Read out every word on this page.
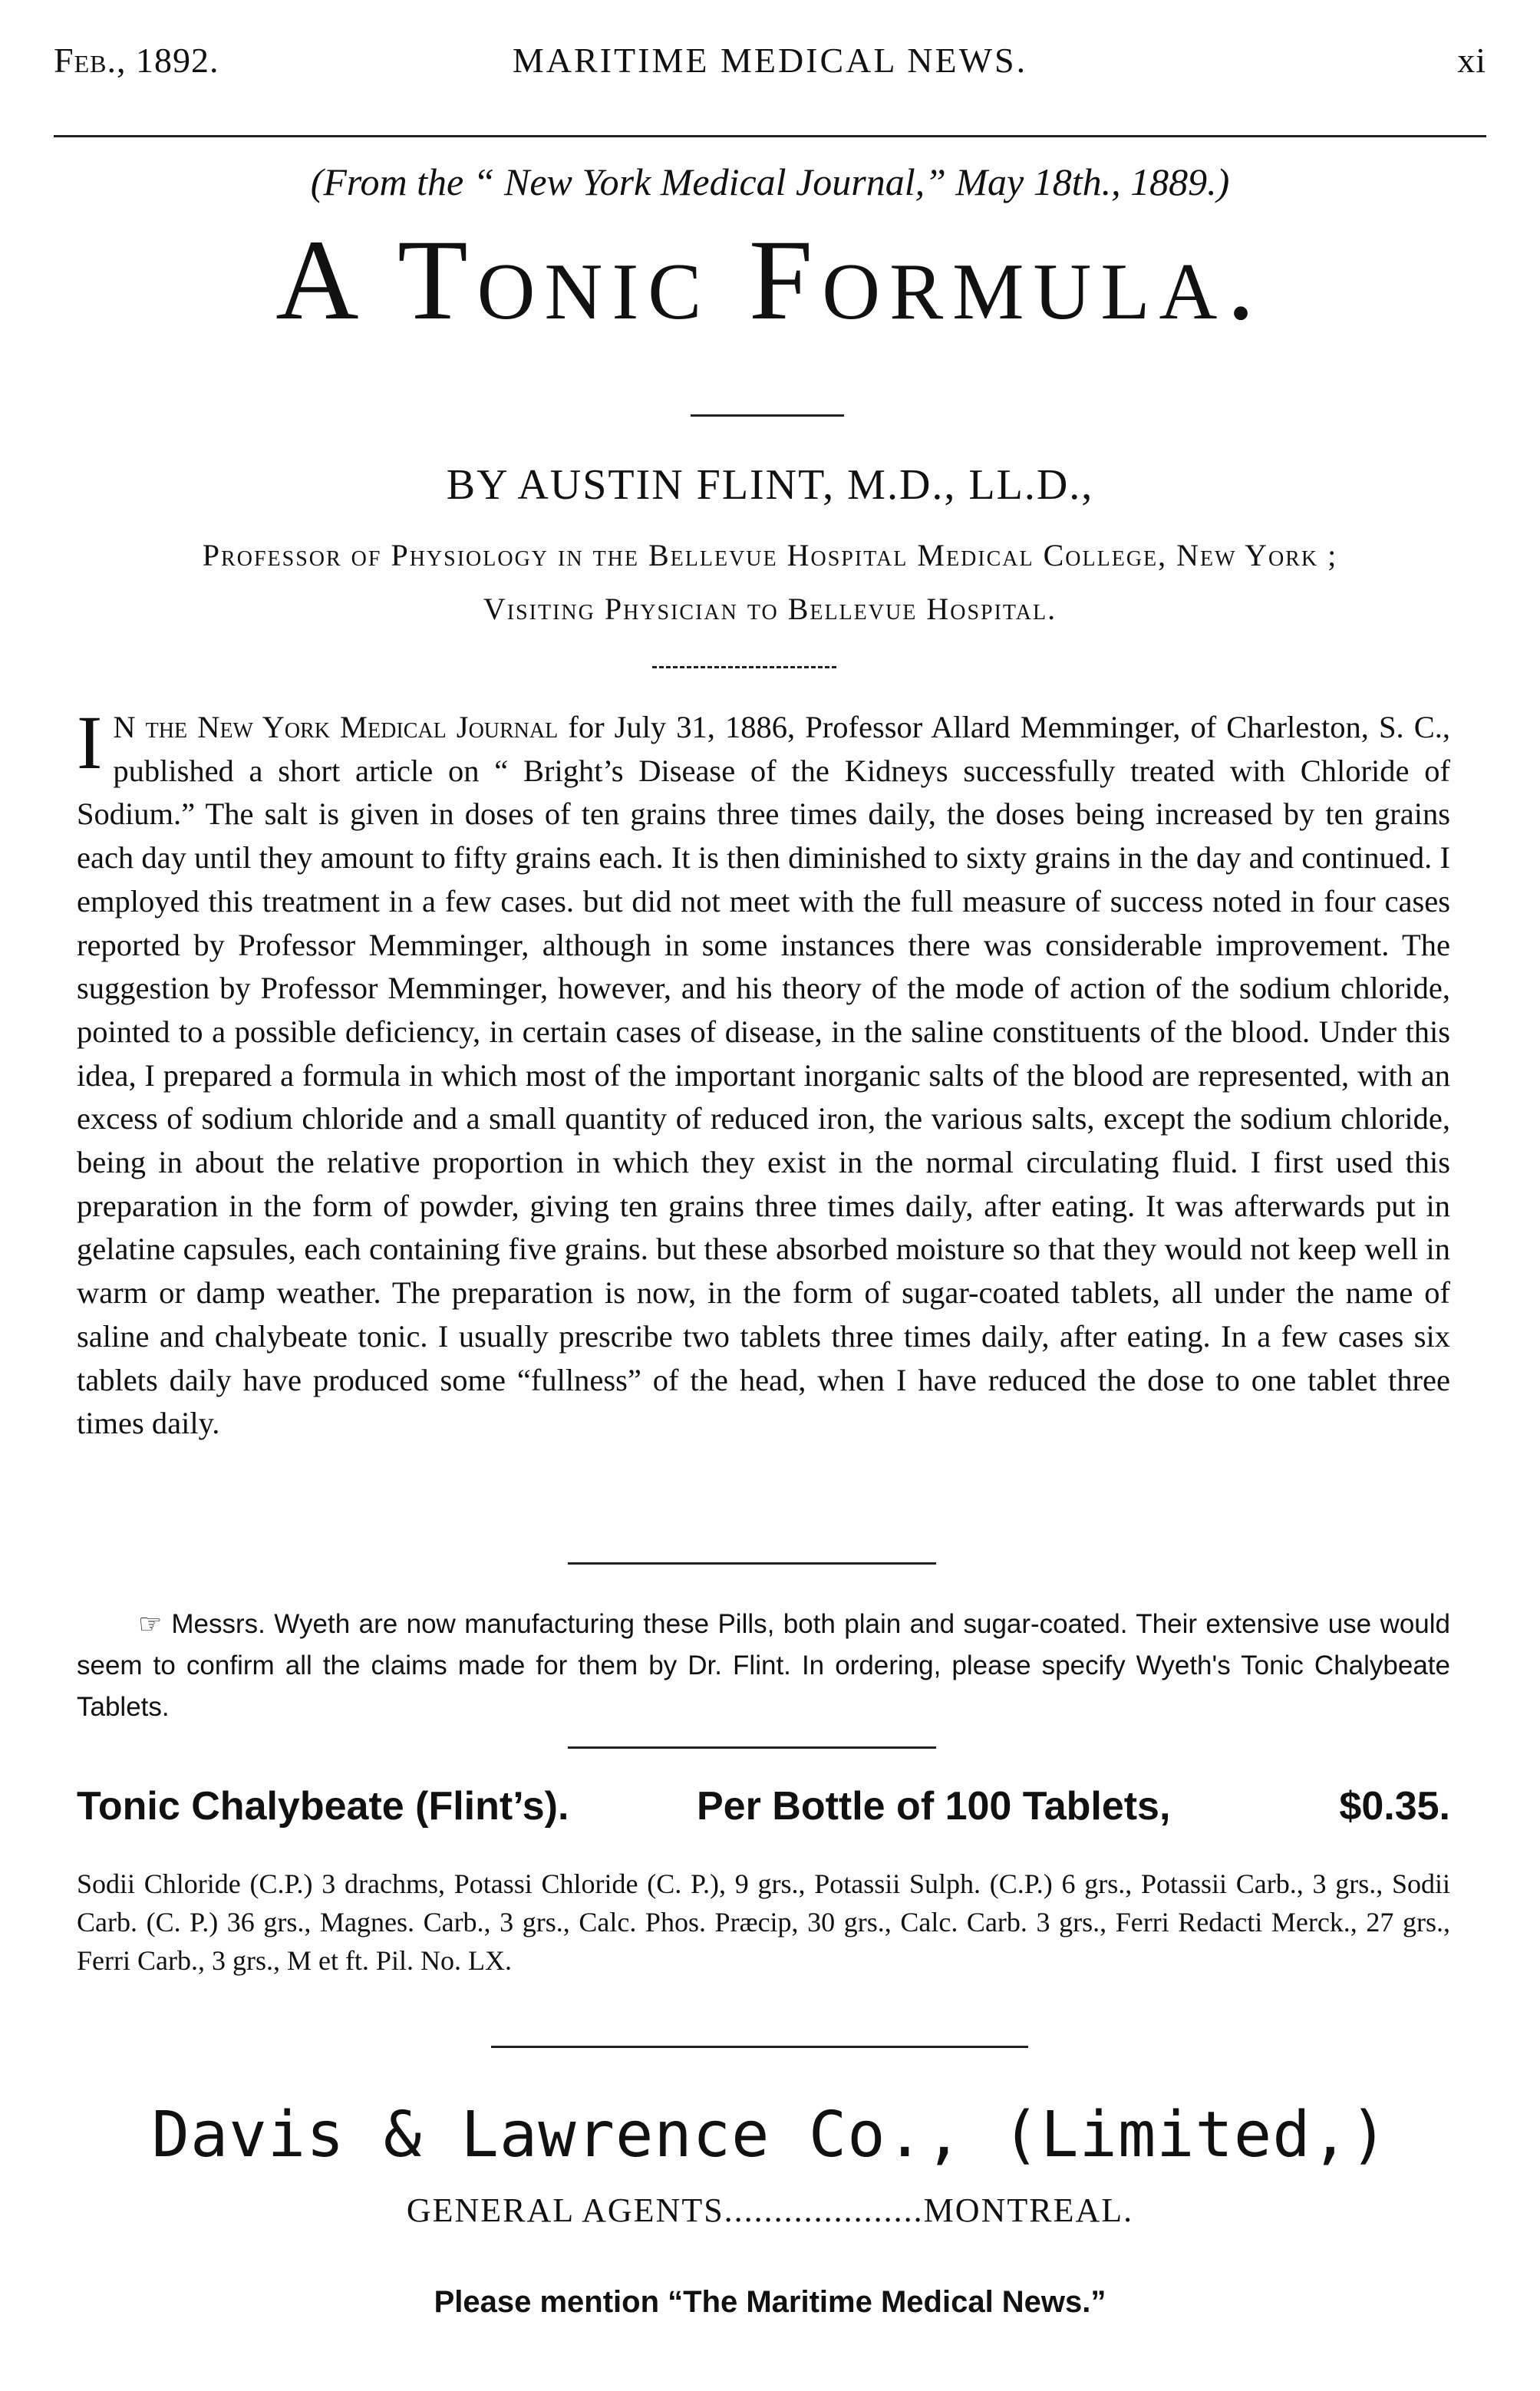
Feb., 1892.	MARITIME MEDICAL NEWS.	xi
(From the “ New York Medical Journal,” May 18th., 1889.)
A Tonic Formula.
BY AUSTIN FLINT, M.D., LL.D.,
Professor of Physiology in the Bellevue Hospital Medical College, New York ;
Visiting Physician to Bellevue Hospital.

I N the New York Medical Journal for July 31, 1886, Professor Allard Memminger, of Charleston, S. C., published a short article on “ Bright’s Disease of the Kidneys successfully treated with Chloride of Sodium.” The salt is given in doses of ten grains three times daily, the doses being increased by ten grains each day until they amount to fifty grains each. It is then diminished to sixty grains in the day and continued. I employed this treatment in a few cases. but did not meet with the full measure of success noted in four cases reported by Professor Memminger, although in some instances there was considerable improvement. The suggestion by Professor Memminger, however, and his theory of the mode of action of the sodium chloride, pointed to a possible deficiency, in certain cases of disease, in the saline constituents of the blood. Under this idea, I prepared a formula in which most of the important inorganic salts of the blood are represented, with an excess of sodium chloride and a small quantity of reduced iron, the various salts, except the sodium chloride, being in about the relative proportion in which they exist in the normal circulating fluid. I first used this preparation in the form of powder, giving ten grains three times daily, after eating. It was afterwards put in gelatine capsules, each containing five grains. but these absorbed moisture so that they would not keep well in warm or damp weather. The preparation is now, in the form of sugar-coated tablets, all under the name of saline and chalybeate tonic. I usually prescribe two tablets three times daily, after eating. In a few cases six tablets daily have produced some “fullness” of the head, when I have reduced the dose to one tablet three times daily.

☞ Messrs. Wyeth are now manufacturing these Pills, both plain and sugar-coated. Their extensive use would seem to confirm all the claims made for them by Dr. Flint. In ordering, please specify Wyeth's Tonic Chalybeate Tablets.

Tonic Chalybeate (Flint’s).	Per Bottle of 100 Tablets,	$0.35.

Sodii Chloride (C.P.) 3 drachms, Potassi Chloride (C. P.), 9 grs., Potassii Sulph. (C.P.) 6 grs., Potassii Carb., 3 grs., Sodii Carb. (C. P.) 36 grs., Magnes. Carb., 3 grs., Calc. Phos. Præcip, 30 grs., Calc. Carb. 3 grs., Ferri Redacti Merck., 27 grs., Ferri Carb., 3 grs., M et ft. Pil. No. LX.

Davis & Lawrence Co., (Limited,)
GENERAL AGENTS....................MONTREAL.
Please mention “The Maritime Medical News.”
